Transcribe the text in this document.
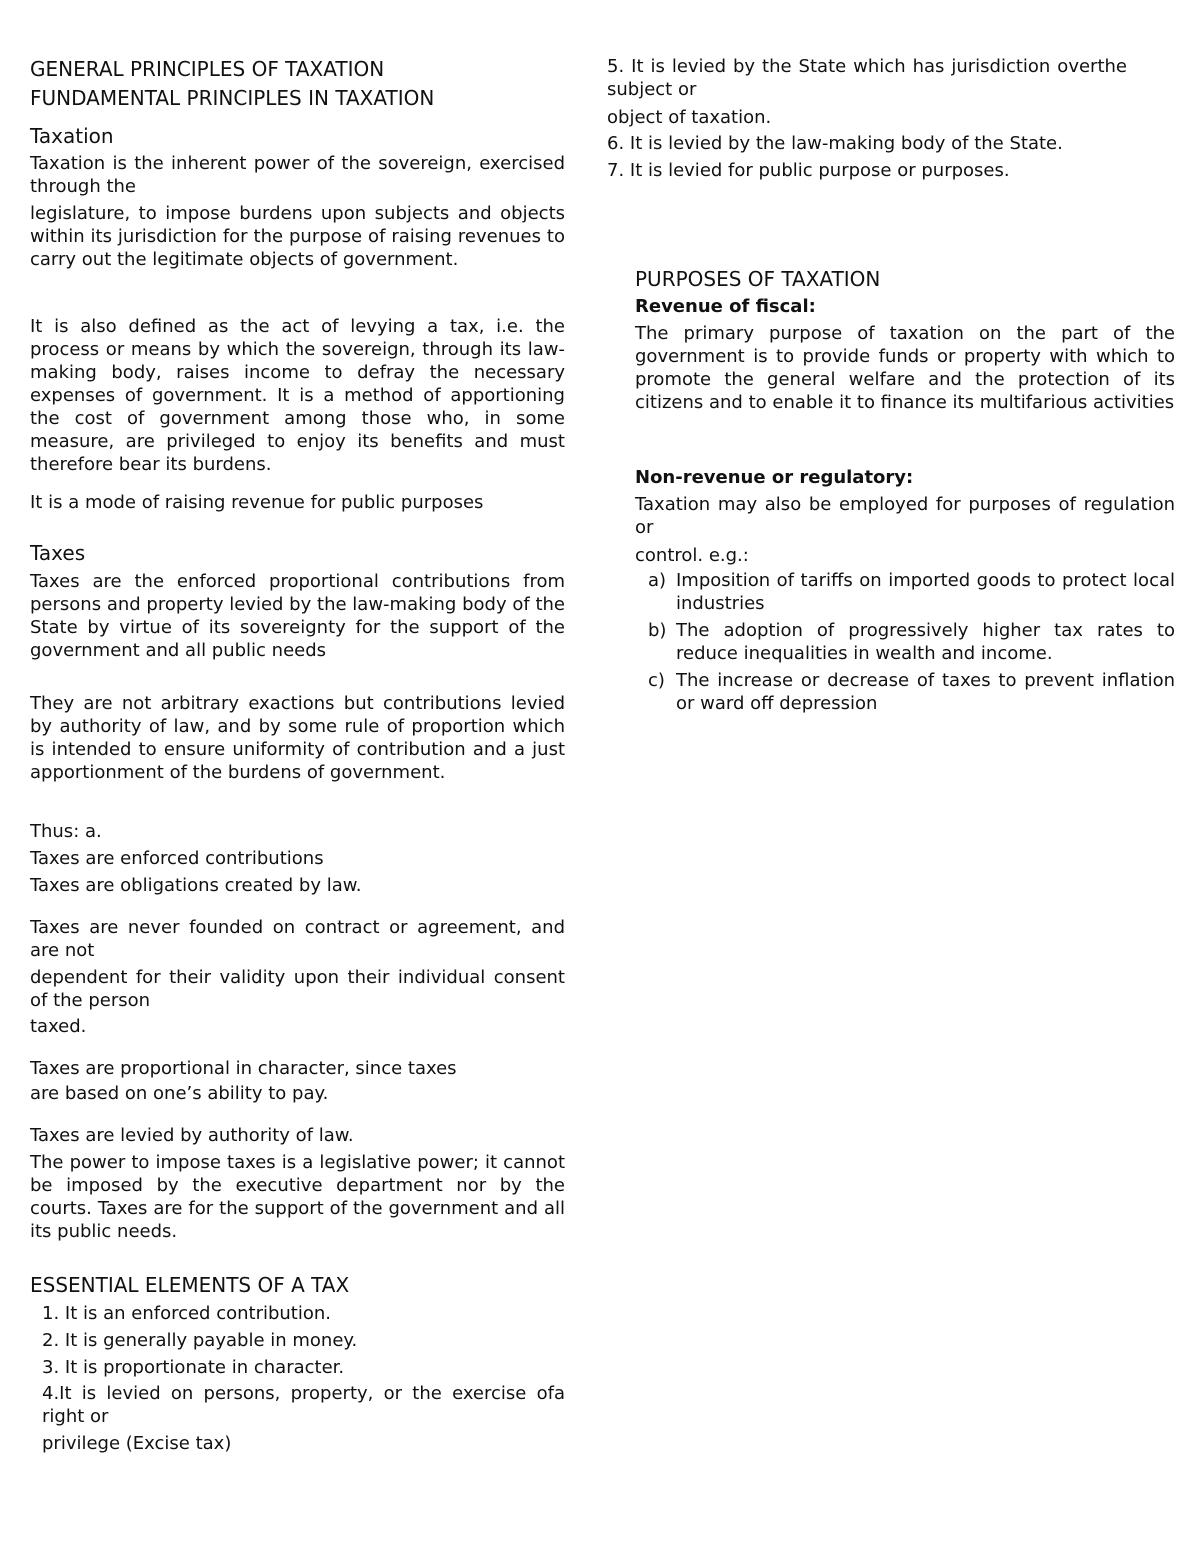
GENERAL PRINCIPLES OF TAXATION
FUNDAMENTAL PRINCIPLES IN TAXATION
Taxation

Taxation is the inherent power of the sovereign, exercised through the

legislature, to impose burdens upon subjects and objects within its jurisdiction for the purpose of raising revenues to carry out the legitimate objects of government.

It is also defined as the act of levying a tax, i.e. the process or means by which the sovereign, through its law-making body, raises income to defray the necessary expenses of government. It is a method of apportioning the cost of government among those who, in some measure, are privileged to enjoy its benefits and must therefore bear its burdens.

It is a mode of raising revenue for public purposes

Taxes

Taxes are the enforced proportional contributions from persons and property levied by the law-making body of the State by virtue of its sovereignty for the support of the government and all public needs

They are not arbitrary exactions but contributions levied by authority of law, and by some rule of proportion which is intended to ensure uniformity of contribution and a just apportionment of the burdens of government.

Thus: a.

Taxes are enforced contributions

Taxes are obligations created by law.

Taxes are never founded on contract or agreement, and are not

dependent for their validity upon their individual consent of the person

taxed.

Taxes are proportional in character, since taxes

are based on one’s ability to pay.

Taxes are levied by authority of law.

The power to impose taxes is a legislative power; it cannot be imposed by the executive department nor by the courts. Taxes are for the support of the government and all its public needs.

ESSENTIAL ELEMENTS OF A TAX

1. It is an enforced contribution.

2. It is generally payable in money.

3. It is proportionate in character.

4.It is levied on persons, property, or the exercise ofa right or

privilege (Excise tax)

5. It is levied by the State which has jurisdiction overthe subject or

object of taxation.

6. It is levied by the law-making body of the State.

7. It is levied for public purpose or purposes.

PURPOSES OF TAXATION
Revenue of fiscal:

The primary purpose of taxation on the part of the government is to provide funds or property with which to promote the general welfare and the protection of its citizens and to enable it to finance its multifarious activities

Non-revenue or regulatory:

Taxation may also be employed for purposes of regulation or

control. e.g.:

a) Imposition of tariffs on imported goods to protect local industries
b) The adoption of progressively higher tax rates to reduce inequalities in wealth and income.
c) The increase or decrease of taxes to prevent inflation or ward off depression
